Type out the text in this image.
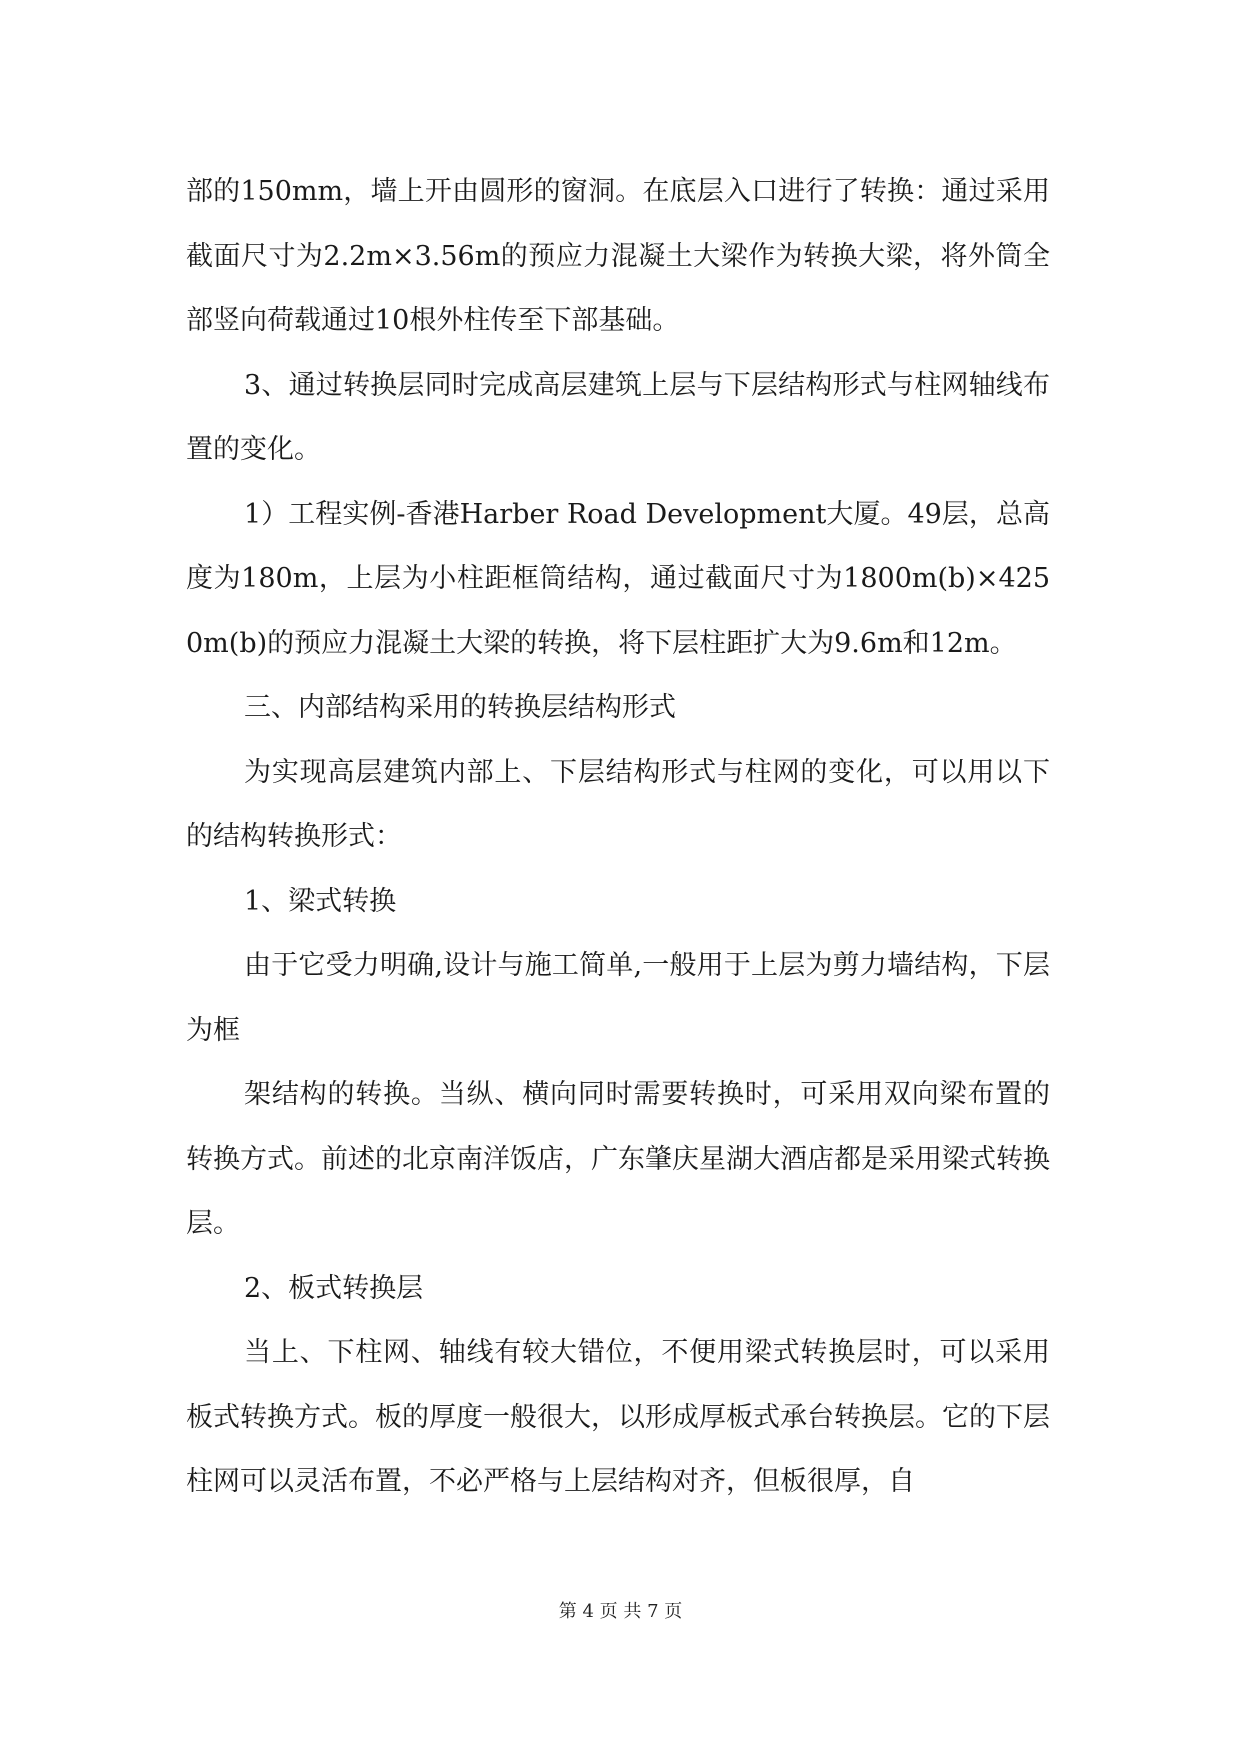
部的150mm，墙上开由圆形的窗洞。在底层入口进行了转换：通过采用截面尺寸为2.2m×3.56m的预应力混凝土大梁作为转换大梁，将外筒全部竖向荷载通过10根外柱传至下部基础。

3、通过转换层同时完成高层建筑上层与下层结构形式与柱网轴线布置的变化。

1）工程实例-香港Harber Road Development大厦。49层，总高度为180m，上层为小柱距框筒结构，通过截面尺寸为1800m(b)×4250m(b)的预应力混凝土大梁的转换，将下层柱距扩大为9.6m和12m。

三、内部结构采用的转换层结构形式

为实现高层建筑内部上、下层结构形式与柱网的变化，可以用以下的结构转换形式：

1、梁式转换

由于它受力明确,设计与施工简单,一般用于上层为剪力墙结构，下层为框

架结构的转换。当纵、横向同时需要转换时，可采用双向梁布置的转换方式。前述的北京南洋饭店，广东肇庆星湖大酒店都是采用梁式转换层。

2、板式转换层

当上、下柱网、轴线有较大错位，不便用梁式转换层时，可以采用板式转换方式。板的厚度一般很大，以形成厚板式承台转换层。它的下层柱网可以灵活布置，不必严格与上层结构对齐，但板很厚，自

第 4 页 共 7 页
